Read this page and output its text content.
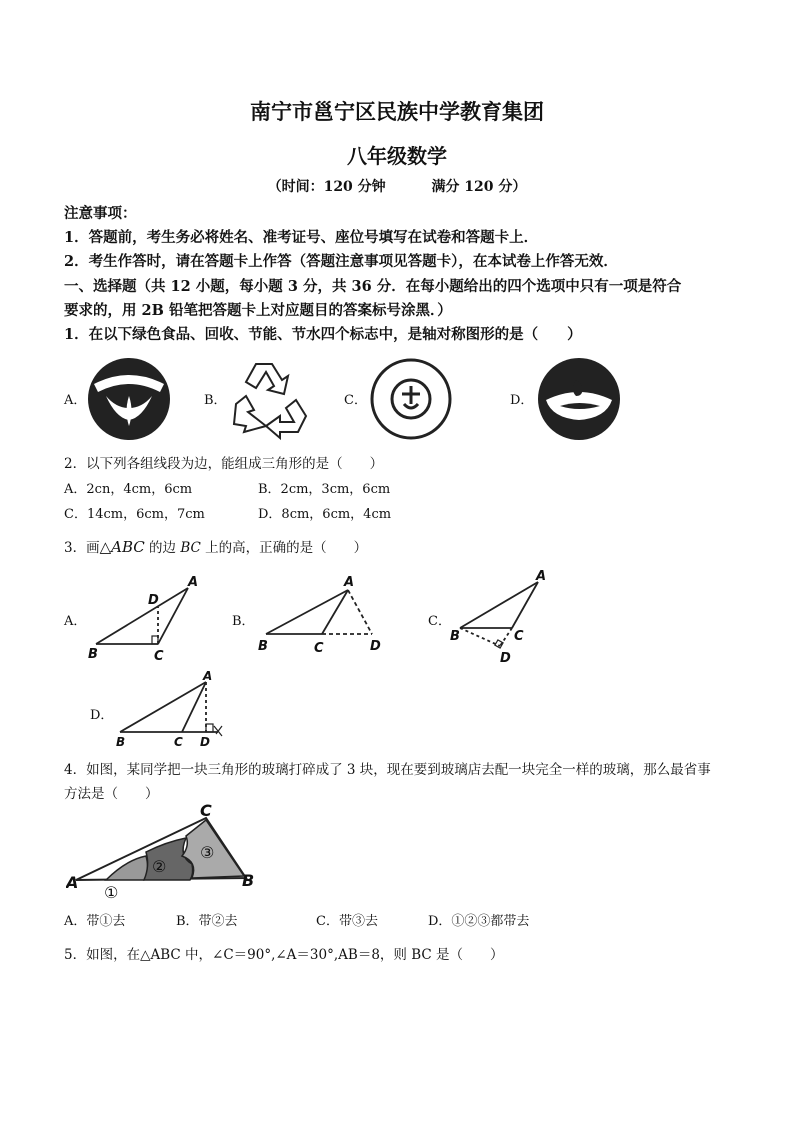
南宁市邕宁区民族中学教育集团
八年级数学
（时间：120 分钟	满分 120 分）
注意事项：
1．答题前，考生务必将姓名、准考证号、座位号填写在试卷和答题卡上．
2．考生作答时，请在答题卡上作答（答题注意事项见答题卡），在本试卷上作答无效．
一、选择题（共 12 小题，每小题 3 分，共 36 分．在每小题给出的四个选项中只有一项是符合
要求的，用 2B 铅笔把答题卡上对应题目的答案标号涂黑．）
1．在以下绿色食品、回收、节能、节水四个标志中，是轴对称图形的是（　　）
A．	B．	C．	D．
2．以下列各组线段为边，能组成三角形的是（　　）
A．2cn，4cm，6cm	B．2cm，3cm，6cm
C．14cm，6cm，7cm	D．8cm，6cm，4cm
3．画△ABC 的边 BC 上的高，正确的是（　　）
A．	B．	C．
D．
A
D
B	C
A
B	C	D
A
B	C
D
A
B	C D
4．如图，某同学把一块三角形的玻璃打碎成了 3 块，现在要到玻璃店去配一块完全一样的玻璃，那么最省事
方法是（　　）
A
C
B
①
②
③
A．带①去	B．带②去	C．带③去	D．①②③都带去
5．如图，在△ABC 中，∠C＝90°,∠A＝30°,AB＝8，则 BC 是（　　）
